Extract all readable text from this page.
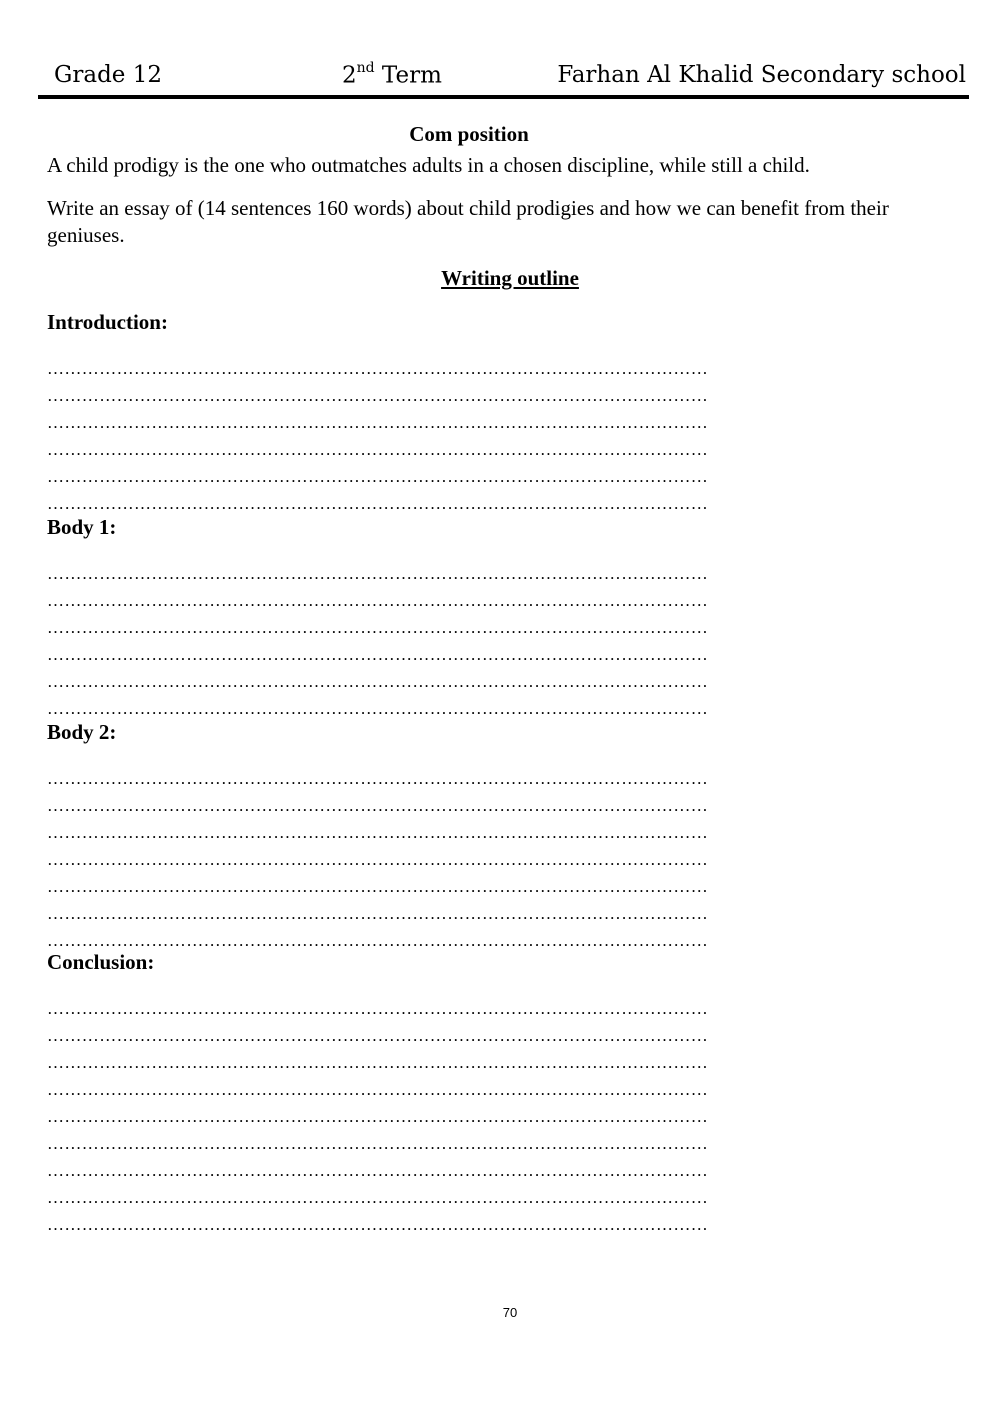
Grade 12	2nd Term	Farhan Al Khalid Secondary school
Com position
A child prodigy is the one who outmatches adults in a chosen discipline, while still a child.
Write an essay of (14 sentences 160 words) about child prodigies and how we can benefit from their geniuses.
Writing outline
Introduction:
……………………………………………………………………………………………………
……………………………………………………………………………………………………
……………………………………………………………………………………………………
……………………………………………………………………………………………………
……………………………………………………………………………………………………
……………………………………………………………………………………………………
Body 1:
……………………………………………………………………………………………………
……………………………………………………………………………………………………
……………………………………………………………………………………………………
……………………………………………………………………………………………………
……………………………………………………………………………………………………
……………………………………………………………………………………………………
Body 2:
……………………………………………………………………………………………………
……………………………………………………………………………………………………
……………………………………………………………………………………………………
……………………………………………………………………………………………………
……………………………………………………………………………………………………
……………………………………………………………………………………………………
……………………………………………………………………………………………………
Conclusion:
……………………………………………………………………………………………………
……………………………………………………………………………………………………
……………………………………………………………………………………………………
……………………………………………………………………………………………………
……………………………………………………………………………………………………
……………………………………………………………………………………………………
……………………………………………………………………………………………………
……………………………………………………………………………………………………
……………………………………………………………………………………………………
70
